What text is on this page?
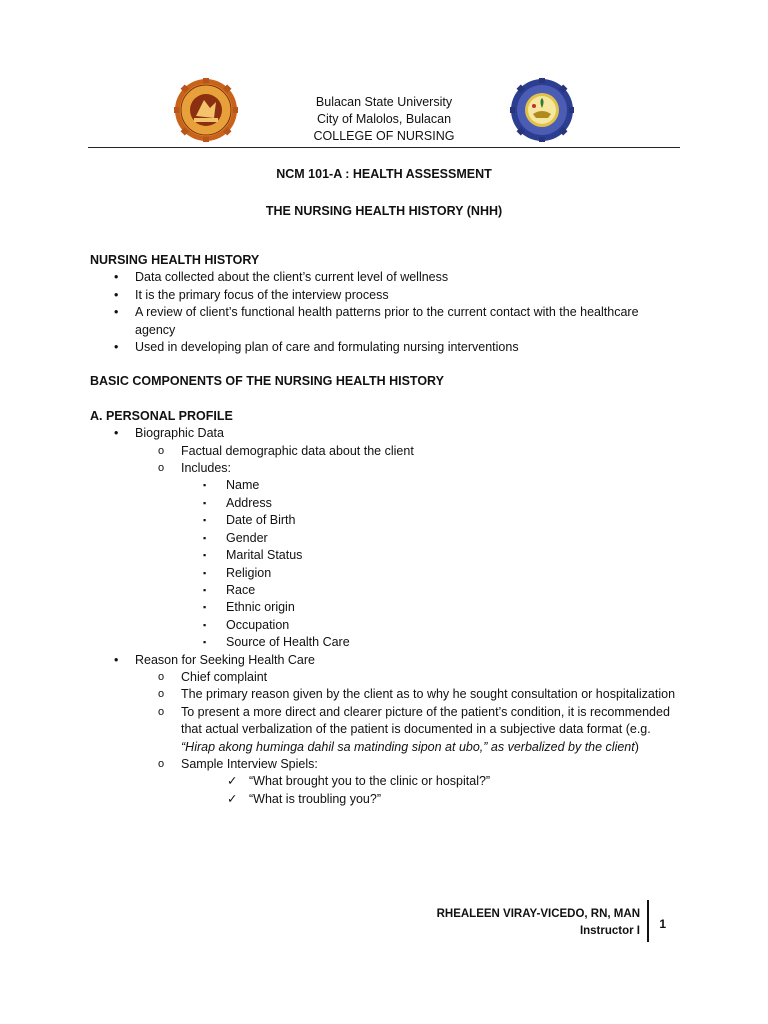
Bulacan State University
City of Malolos, Bulacan
COLLEGE OF NURSING
NCM 101-A : HEALTH ASSESSMENT
THE NURSING HEALTH HISTORY (NHH)
NURSING HEALTH HISTORY
• Data collected about the client’s current level of wellness
• It is the primary focus of the interview process
• A review of client’s functional health patterns prior to the current contact with the healthcare agency
• Used in developing plan of care and formulating nursing interventions
BASIC COMPONENTS OF THE NURSING HEALTH HISTORY
A. PERSONAL PROFILE
• Biographic Data
o Factual demographic data about the client
o Includes:
▪ Name
▪ Address
▪ Date of Birth
▪ Gender
▪ Marital Status
▪ Religion
▪ Race
▪ Ethnic origin
▪ Occupation
▪ Source of Health Care
• Reason for Seeking Health Care
o Chief complaint
o The primary reason given by the client as to why he sought consultation or hospitalization
o To present a more direct and clearer picture of the patient’s condition, it is recommended that actual verbalization of the patient is documented in a subjective data format (e.g. “Hirap akong huminga dahil sa matinding sipon at ubo,” as verbalized by the client)
o Sample Interview Spiels:
✓ “What brought you to the clinic or hospital?”
✓ “What is troubling you?”
RHEALEEN VIRAY-VICEDO, RN, MAN
Instructor I 1
